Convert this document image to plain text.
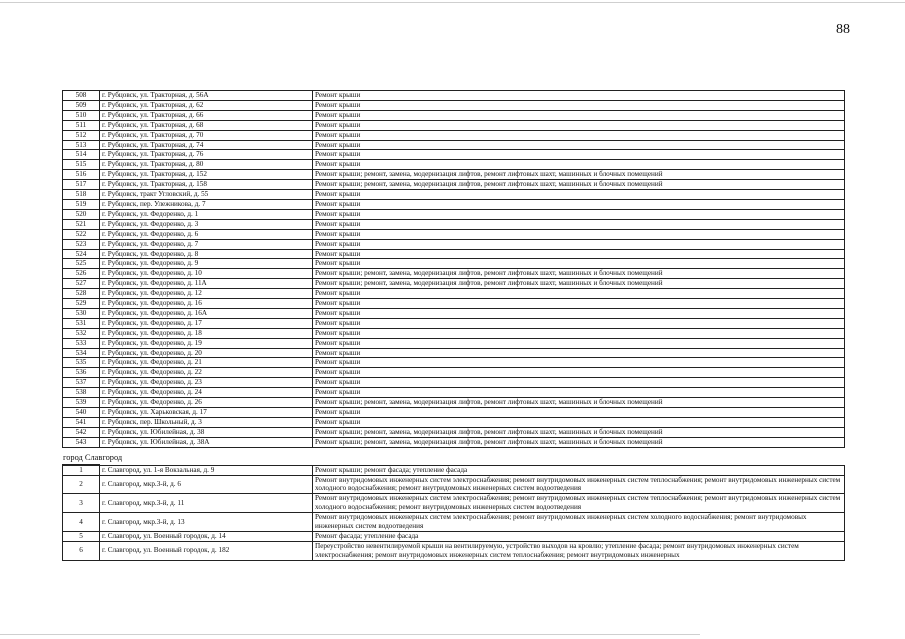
88
508	г. Рубцовск, ул. Тракторная, д. 56А	Ремонт крыши
509	г. Рубцовск, ул. Тракторная, д. 62	Ремонт крыши
510	г. Рубцовск, ул. Тракторная, д. 66	Ремонт крыши
511	г. Рубцовск, ул. Тракторная, д. 68	Ремонт крыши
512	г. Рубцовск, ул. Тракторная, д. 70	Ремонт крыши
513	г. Рубцовск, ул. Тракторная, д. 74	Ремонт крыши
514	г. Рубцовск, ул. Тракторная, д. 76	Ремонт крыши
515	г. Рубцовск, ул. Тракторная, д. 80	Ремонт крыши
516	г. Рубцовск, ул. Тракторная, д. 152	Ремонт крыши; ремонт, замена, модернизация лифтов, ремонт лифтовых шахт, машинных и блочных помещений
517	г. Рубцовск, ул. Тракторная, д. 158	Ремонт крыши; ремонт, замена, модернизация лифтов, ремонт лифтовых шахт, машинных и блочных помещений
518	г. Рубцовск, тракт Угловский, д. 55	Ремонт крыши
519	г. Рубцовск, пер. Улежникова, д. 7	Ремонт крыши
520	г. Рубцовск, ул. Федоренко, д. 1	Ремонт крыши
521	г. Рубцовск, ул. Федоренко, д. 3	Ремонт крыши
522	г. Рубцовск, ул. Федоренко, д. 6	Ремонт крыши
523	г. Рубцовск, ул. Федоренко, д. 7	Ремонт крыши
524	г. Рубцовск, ул. Федоренко, д. 8	Ремонт крыши
525	г. Рубцовск, ул. Федоренко, д. 9	Ремонт крыши
526	г. Рубцовск, ул. Федоренко, д. 10	Ремонт крыши; ремонт, замена, модернизация лифтов, ремонт лифтовых шахт, машинных и блочных помещений
527	г. Рубцовск, ул. Федоренко, д. 11А	Ремонт крыши; ремонт, замена, модернизация лифтов, ремонт лифтовых шахт, машинных и блочных помещений
528	г. Рубцовск, ул. Федоренко, д. 12	Ремонт крыши
529	г. Рубцовск, ул. Федоренко, д. 16	Ремонт крыши
530	г. Рубцовск, ул. Федоренко, д. 16А	Ремонт крыши
531	г. Рубцовск, ул. Федоренко, д. 17	Ремонт крыши
532	г. Рубцовск, ул. Федоренко, д. 18	Ремонт крыши
533	г. Рубцовск, ул. Федоренко, д. 19	Ремонт крыши
534	г. Рубцовск, ул. Федоренко, д. 20	Ремонт крыши
535	г. Рубцовск, ул. Федоренко, д. 21	Ремонт крыши
536	г. Рубцовск, ул. Федоренко, д. 22	Ремонт крыши
537	г. Рубцовск, ул. Федоренко, д. 23	Ремонт крыши
538	г. Рубцовск, ул. Федоренко, д. 24	Ремонт крыши
539	г. Рубцовск, ул. Федоренко, д. 26	Ремонт крыши; ремонт, замена, модернизация лифтов, ремонт лифтовых шахт, машинных и блочных помещений
540	г. Рубцовск, ул. Харьковская, д. 17	Ремонт крыши
541	г. Рубцовск, пер. Школьный, д. 3	Ремонт крыши
542	г. Рубцовск, ул. Юбилейная, д. 38	Ремонт крыши; ремонт, замена, модернизация лифтов, ремонт лифтовых шахт, машинных и блочных помещений
543	г. Рубцовск, ул. Юбилейная, д. 38А	Ремонт крыши; ремонт, замена, модернизация лифтов, ремонт лифтовых шахт, машинных и блочных помещений
город Славгород
1	г. Славгород, ул. 1-я Вокзальная, д. 9	Ремонт крыши; ремонт фасада; утепление фасада
2	г. Славгород, мкр.3-й, д. 6	Ремонт внутридомовых инженерных систем электроснабжения; ремонт внутридомовых инженерных систем теплоснабжения; ремонт внутридомовых инженерных систем холодного водоснабжения; ремонт внутридомовых инженерных систем водоотведения
3	г. Славгород, мкр.3-й, д. 11	Ремонт внутридомовых инженерных систем электроснабжения; ремонт внутридомовых инженерных систем теплоснабжения; ремонт внутридомовых инженерных систем холодного водоснабжения; ремонт внутридомовых инженерных систем водоотведения
4	г. Славгород, мкр.3-й, д. 13	Ремонт внутридомовых инженерных систем электроснабжения; ремонт внутридомовых инженерных систем холодного водоснабжения; ремонт внутридомовых инженерных систем водоотведения
5	г. Славгород, ул. Военный городок, д. 14	Ремонт фасада; утепление фасада
6	г. Славгород, ул. Военный городок, д. 182	Переустройство невентилируемой крыши на вентилируемую, устройство выходов на кровлю; утепление фасада; ремонт внутридомовых инженерных систем электроснабжения; ремонт внутридомовых инженерных систем теплоснабжения; ремонт внутридомовых инженерных
